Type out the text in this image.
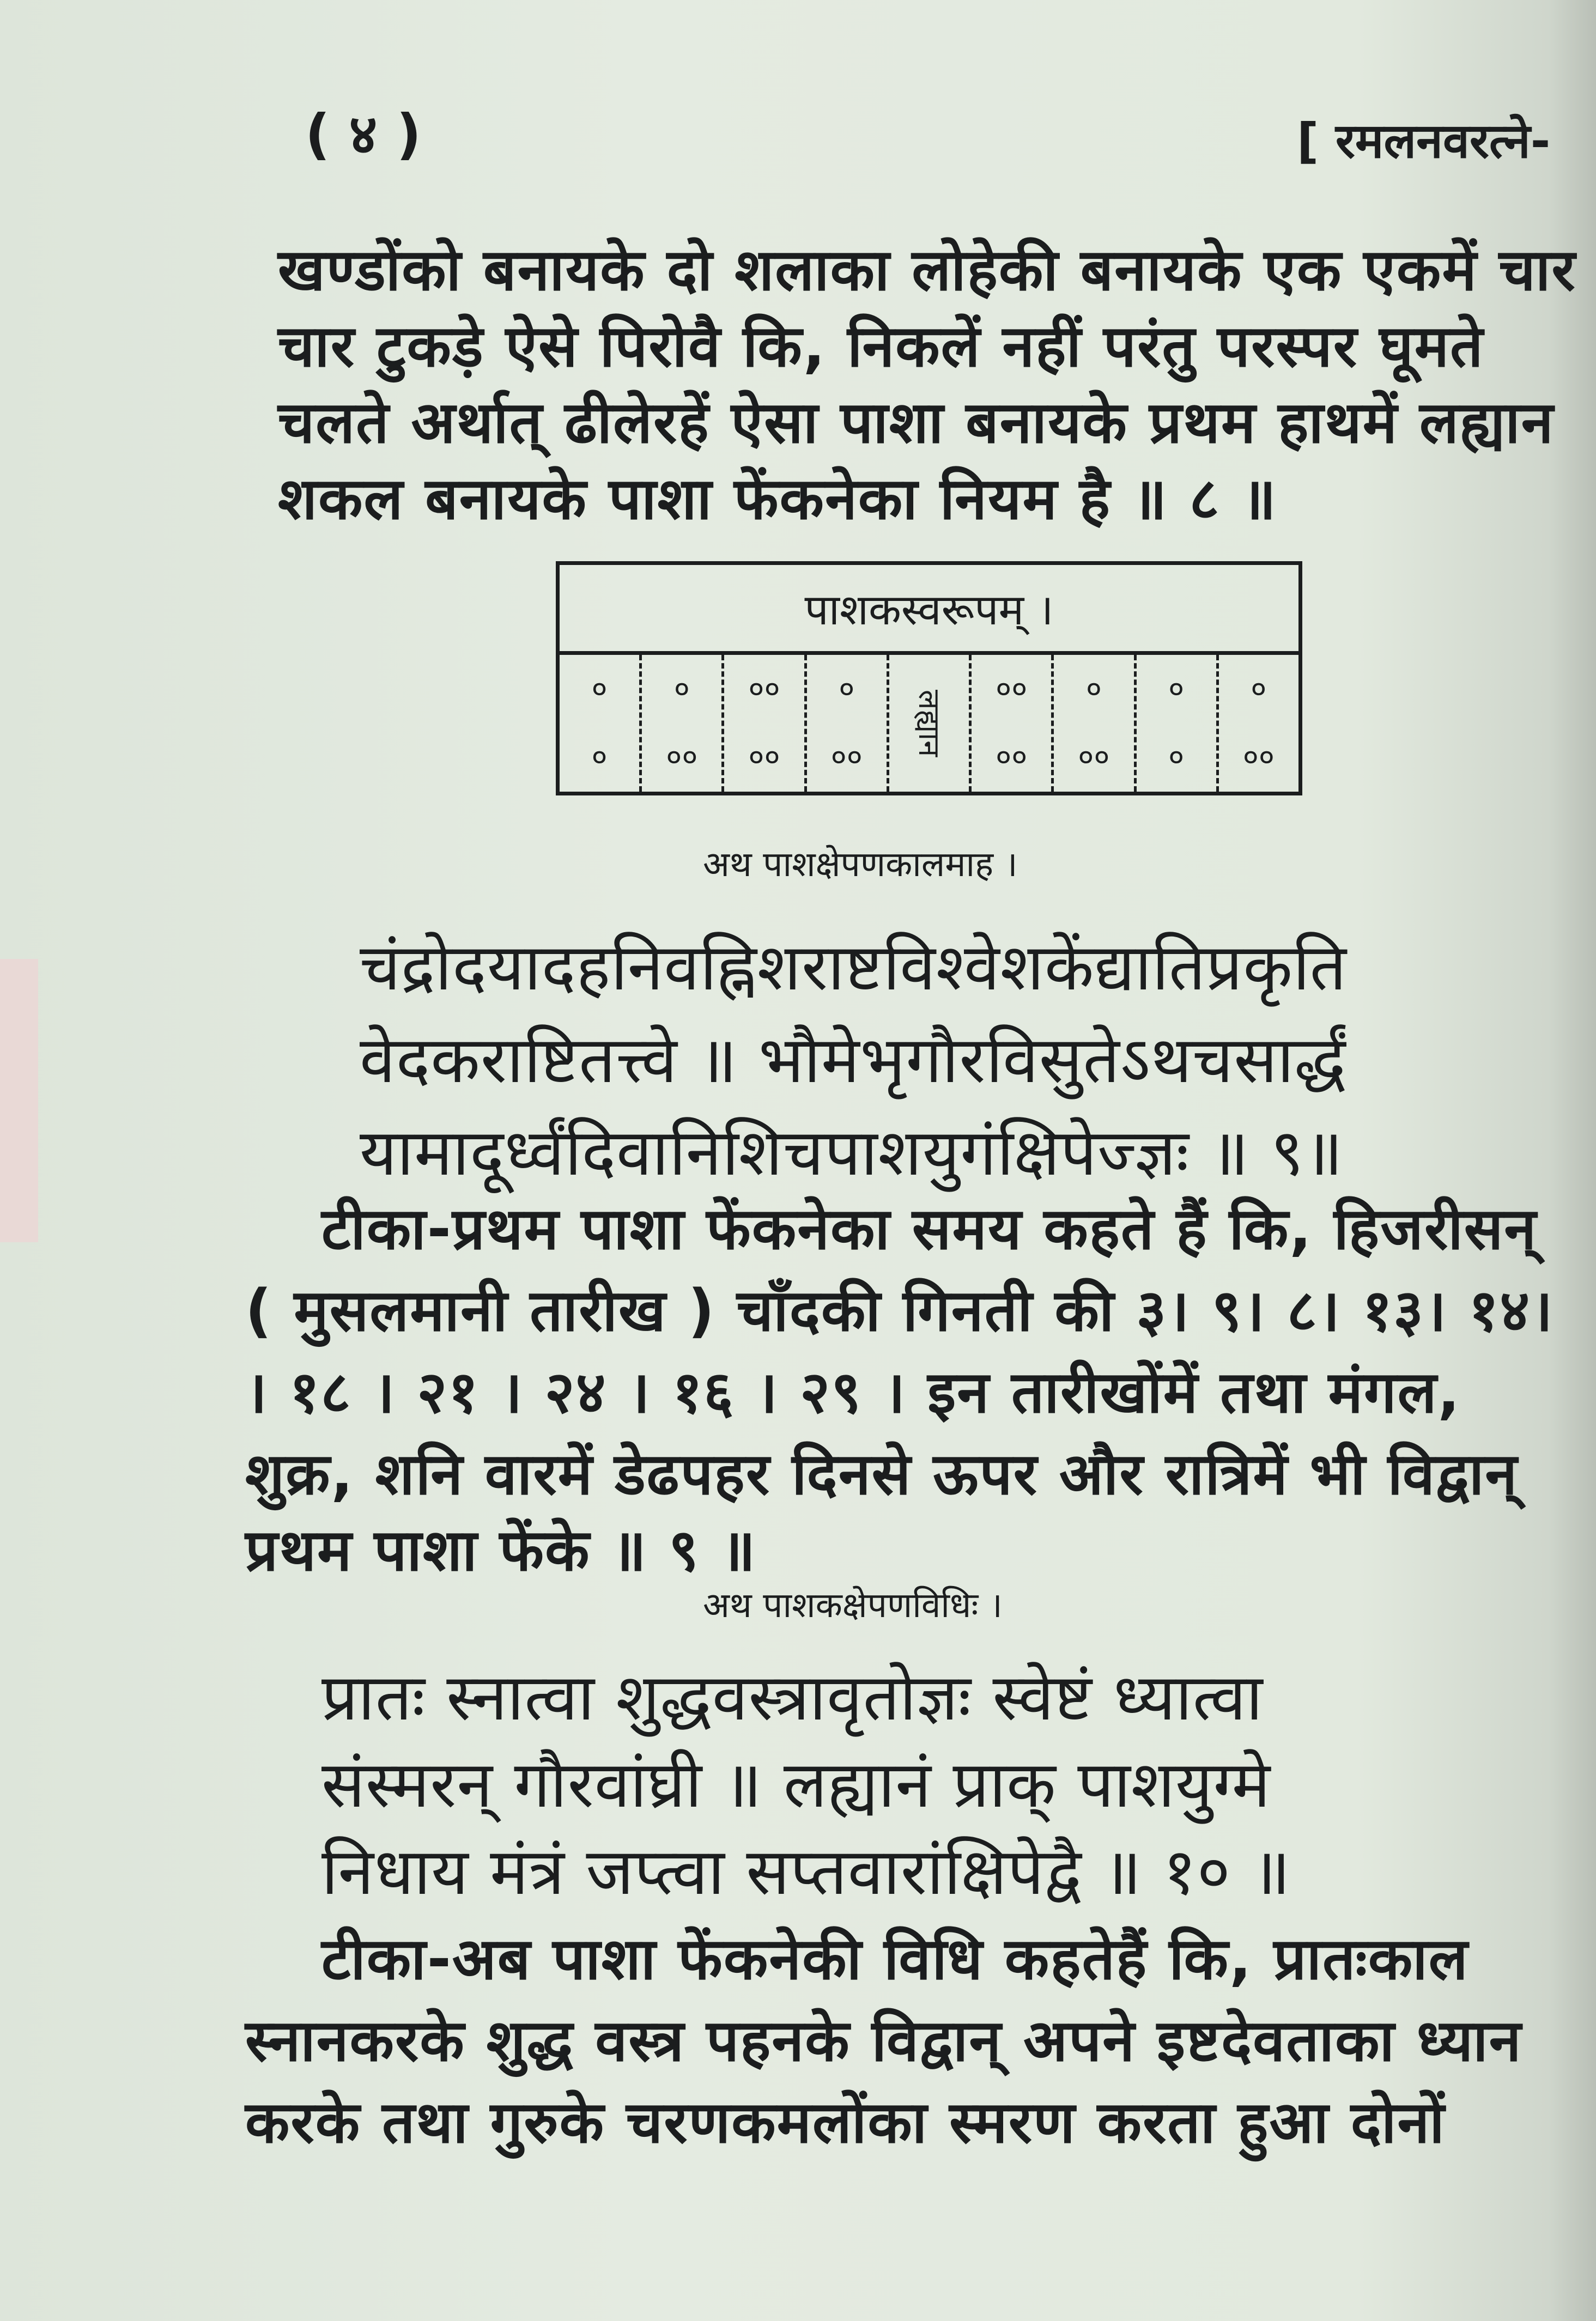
( ४ )	[ रमलनवरत्ने-
खण्डोंको बनायके दो शलाका लोहेकी बनायके एक एकमें चार
चार टुकड़े ऐसे पिरोवै कि, निकलें नहीं परंतु परस्पर घूमते
चलते अर्थात् ढीलेरहें ऐसा पाशा बनायके प्रथम हाथमें लह्यान
शकल बनायके पाशा फेंकनेका नियम है ॥ ८ ॥
पाशकस्वरूपम् ।
०
०
०
००
००
००
०
००
लह्यान
००
००
०
००
०
०
०
००
अथ पाशक्षेपणकालमाह ।
चंद्रोदयादहनिवह्निशराष्टविश्वेशकेंद्यातिप्रकृति
वेदकराष्टितत्त्वे ॥ भौमेभृगौरविसुतेऽथचसार्द्धं
यामादूर्ध्वंदिवानिशिचपाशयुगंक्षिपेज्ज्ञः ॥ ९॥
टीका-प्रथम पाशा फेंकनेका समय कहते हैं कि, हिजरीसन्
( मुसलमानी तारीख ) चाँदकी गिनती की ३। ९। ८। १३। १४।
। १८ । २१ । २४ । १६ । २९ । इन तारीखोंमें तथा मंगल,
शुक्र, शनि वारमें डेढपहर दिनसे ऊपर और रात्रिमें भी विद्वान्
प्रथम पाशा फेंके ॥ ९ ॥
अथ पाशकक्षेपणविधिः ।
प्रातः स्नात्वा शुद्धवस्त्रावृतोज्ञः स्वेष्टं ध्यात्वा
संस्मरन् गौरवांघ्री ॥ लह्यानं प्राक् पाशयुग्मे
निधाय मंत्रं जप्त्वा सप्तवारांक्षिपेद्वै ॥ १० ॥
टीका-अब पाशा फेंकनेकी विधि कहतेहैं कि, प्रातःकाल
स्नानकरके शुद्ध वस्त्र पहनके विद्वान् अपने इष्टदेवताका ध्यान
करके तथा गुरुके चरणकमलोंका स्मरण करता हुआ दोनों
